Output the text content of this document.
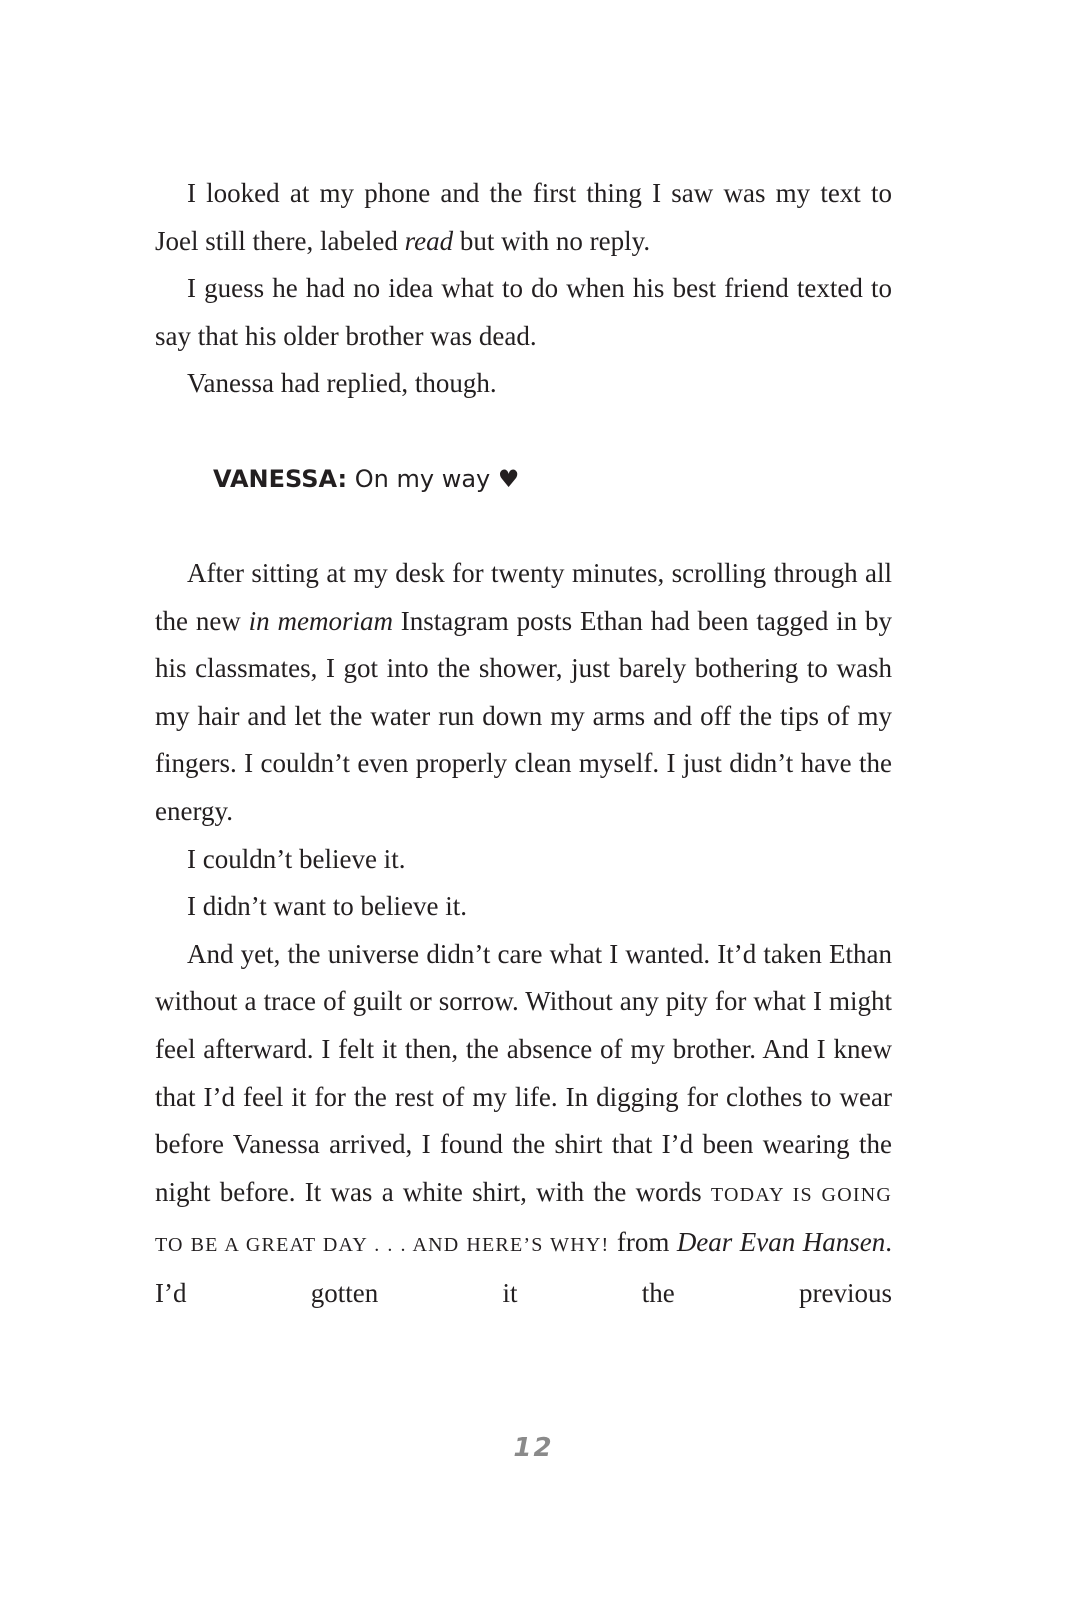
I looked at my phone and the first thing I saw was my text to Joel still there, labeled read but with no reply.

I guess he had no idea what to do when his best friend texted to say that his older brother was dead.

Vanessa had replied, though.

VANESSA: On my way ♥

After sitting at my desk for twenty minutes, scrolling through all the new in memoriam Instagram posts Ethan had been tagged in by his classmates, I got into the shower, just barely bothering to wash my hair and let the water run down my arms and off the tips of my fingers. I couldn’t even properly clean myself. I just didn’t have the energy.

I couldn’t believe it.

I didn’t want to believe it.

And yet, the universe didn’t care what I wanted. It’d taken Ethan without a trace of guilt or sorrow. Without any pity for what I might feel afterward. I felt it then, the absence of my brother. And I knew that I’d feel it for the rest of my life. In digging for clothes to wear before Vanessa arrived, I found the shirt that I’d been wearing the night before. It was a white shirt, with the words TODAY IS GOING TO BE A GREAT DAY . . . AND HERE’S WHY! from Dear Evan Hansen. I’d gotten it the previous

12
